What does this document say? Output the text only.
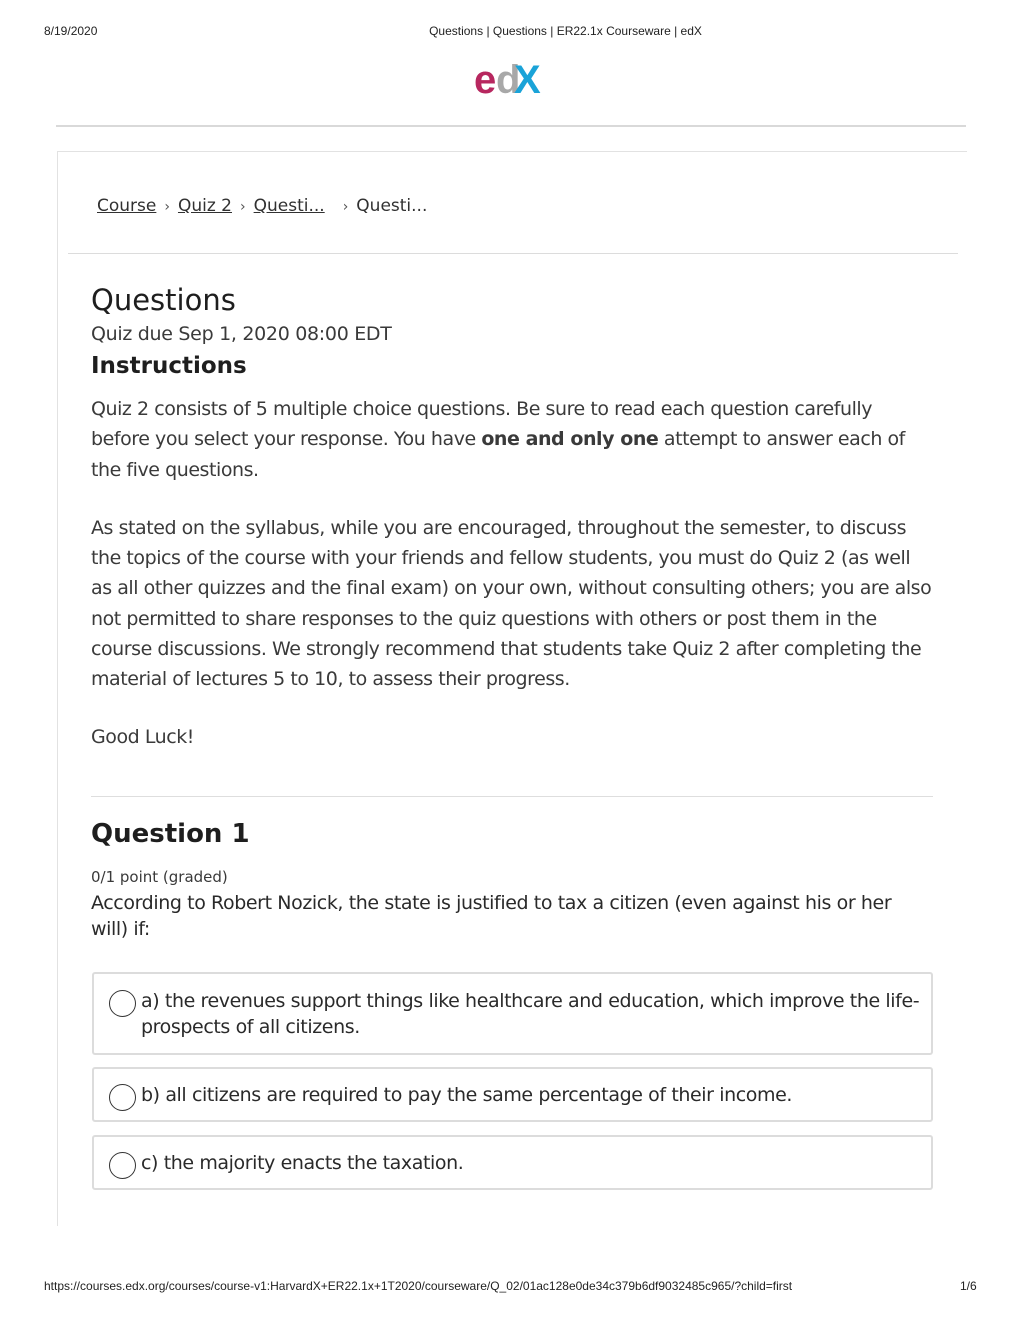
8/19/2020	Questions | Questions | ER22.1x Courseware | edX
e d
X
Course › Quiz 2 › Questi... › Questi...
Questions
Quiz due Sep 1, 2020 08:00 EDT
Instructions

Quiz 2 consists of 5 multiple choice questions. Be sure to read each question carefully before you select your response. You have one and only one attempt to answer each of the five questions.

As stated on the syllabus, while you are encouraged, throughout the semester, to discuss the topics of the course with your friends and fellow students, you must do Quiz 2 (as well as all other quizzes and the final exam) on your own, without consulting others; you are also not permitted to share responses to the quiz questions with others or post them in the course discussions. We strongly recommend that students take Quiz 2 after completing the material of lectures 5 to 10, to assess their progress.

Good Luck!

Question 1
0/1 point (graded)
According to Robert Nozick, the state is justified to tax a citizen (even against his or her will) if:
a) the revenues support things like healthcare and education, which improve the life-prospects of all citizens.
b) all citizens are required to pay the same percentage of their income.
c) the majority enacts the taxation.
https://courses.edx.org/courses/course-v1:HarvardX+ER22.1x+1T2020/courseware/Q_02/01ac128e0de34c379b6df9032485c965/?child=first	1/6
